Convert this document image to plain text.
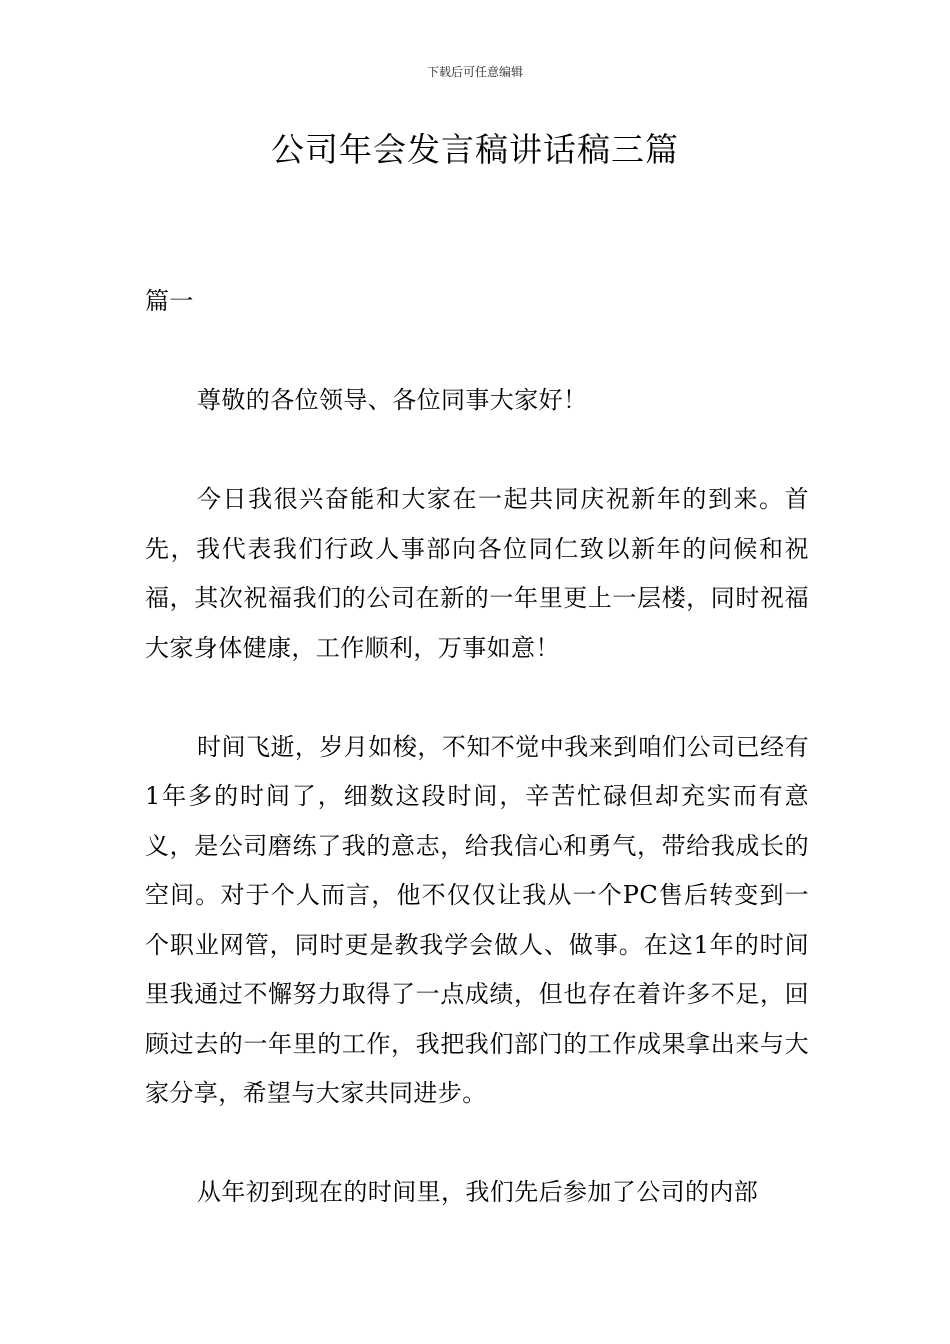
下载后可任意编辑
公司年会发言稿讲话稿三篇

篇一

尊敬的各位领导、各位同事大家好！

今日我很兴奋能和大家在一起共同庆祝新年的到来。首先，我代表我们行政人事部向各位同仁致以新年的问候和祝福，其次祝福我们的公司在新的一年里更上一层楼，同时祝福大家身体健康，工作顺利，万事如意！

时间飞逝，岁月如梭，不知不觉中我来到咱们公司已经有1年多的时间了，细数这段时间，辛苦忙碌但却充实而有意义，是公司磨练了我的意志，给我信心和勇气，带给我成长的空间。对于个人而言，他不仅仅让我从一个PC售后转变到一个职业网管，同时更是教我学会做人、做事。在这1年的时间里我通过不懈努力取得了一点成绩，但也存在着许多不足，回顾过去的一年里的工作，我把我们部门的工作成果拿出来与大家分享，希望与大家共同进步。

从年初到现在的时间里，我们先后参加了公司的内部
